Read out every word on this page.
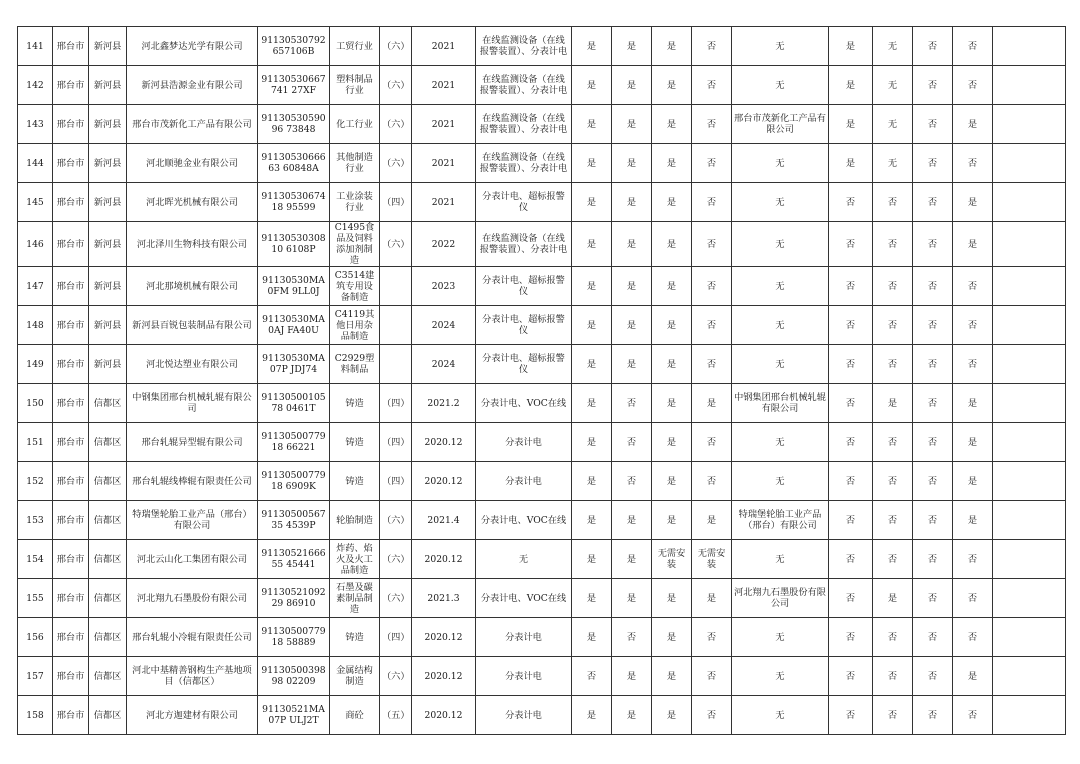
141	邢台市	新河县	河北鑫梦达光学有限公司	91130530792657106B	工贸行业	（六）	2021	在线监测设备（在线报警装置）、分表计电	是	是	是	否	无	是	无	否	否	
142	邢台市	新河县	新河县浩源金业有限公司	91130530667741 27XF	塑料制品行业	（六）	2021	在线监测设备（在线报警装置）、分表计电	是	是	是	否	无	是	无	否	否	
143	邢台市	新河县	邢台市茂新化工产品有限公司	9113053059096 73848	化工行业	（六）	2021	在线监测设备（在线报警装置）、分表计电	是	是	是	否	邢台市茂新化工产品有限公司	是	无	否	是	
144	邢台市	新河县	河北顺驰金业有限公司	9113053066663 60848A	其他制造行业	（六）	2021	在线监测设备（在线报警装置）、分表计电	是	是	是	否	无	是	无	否	否	
145	邢台市	新河县	河北晖光机械有限公司	9113053067418 95599	工业涂装行业	（四）	2021	分表计电、超标报警仪	是	是	是	否	无	否	否	否	是	
146	邢台市	新河县	河北泽川生物科技有限公司	9113053030810 6108P	C1495食品及饲料添加剂制造	（六）	2022	在线监测设备（在线报警装置）、分表计电	是	是	是	否	无	否	否	否	是	
147	邢台市	新河县	河北那境机械有限公司	91130530MA0FM 9LL0J	C3514建筑专用设备制造		2023	分表计电、超标报警仪	是	是	是	否	无	否	否	否	否	
148	邢台市	新河县	新河县百锐包装制品有限公司	91130530MA0AJ FA40U	C4119其他日用杂品制造		2024	分表计电、超标报警仪	是	是	是	否	无	否	否	否	否	
149	邢台市	新河县	河北悦达塑业有限公司	91130530MA07P JDJ74	C2929塑料制品		2024	分表计电、超标报警仪	是	是	是	否	无	否	否	否	否	
150	邢台市	信都区	中钢集团邢台机械轧辊有限公司	9113050010578 0461T	铸造	（四）	2021.2	分表计电、VOC在线	是	否	是	是	中钢集团邢台机械轧辊有限公司	否	是	否	是	
151	邢台市	信都区	邢台轧辊异型辊有限公司	9113050077918 66221	铸造	（四）	2020.12	分表计电	是	否	是	否	无	否	否	否	是	
152	邢台市	信都区	邢台轧辊线棒辊有限责任公司	9113050077918 6909K	铸造	（四）	2020.12	分表计电	是	否	是	否	无	否	否	否	是	
153	邢台市	信都区	特瑞堡轮胎工业产品（邢台）有限公司	9113050056735 4539P	轮胎制造	（六）	2021.4	分表计电、VOC在线	是	是	是	是	特瑞堡轮胎工业产品（邢台）有限公司	否	否	否	是	
154	邢台市	信都区	河北云山化工集团有限公司	9113052166655 45441	炸药、焰火及火工品制造	（六）	2020.12	无	是	是	无需安装	无需安装	无	否	否	否	否	
155	邢台市	信都区	河北翔九石墨股份有限公司	9113052109229 86910	石墨及碳素制品制造	（六）	2021.3	分表计电、VOC在线	是	是	是	是	河北翔九石墨股份有限公司	否	是	否	否	
156	邢台市	信都区	邢台轧辊小冷辊有限责任公司	9113050077918 58889	铸造	（四）	2020.12	分表计电	是	否	是	否	无	否	否	否	否	
157	邢台市	信都区	河北中基精善钢构生产基地项目（信都区）	9113050039898 02209	金属结构制造	（六）	2020.12	分表计电	否	是	是	否	无	否	否	否	是	
158	邢台市	信都区	河北方迦建材有限公司	91130521MA07P ULJ2T	商砼	（五）	2020.12	分表计电	是	是	是	否	无	否	否	否	否	
